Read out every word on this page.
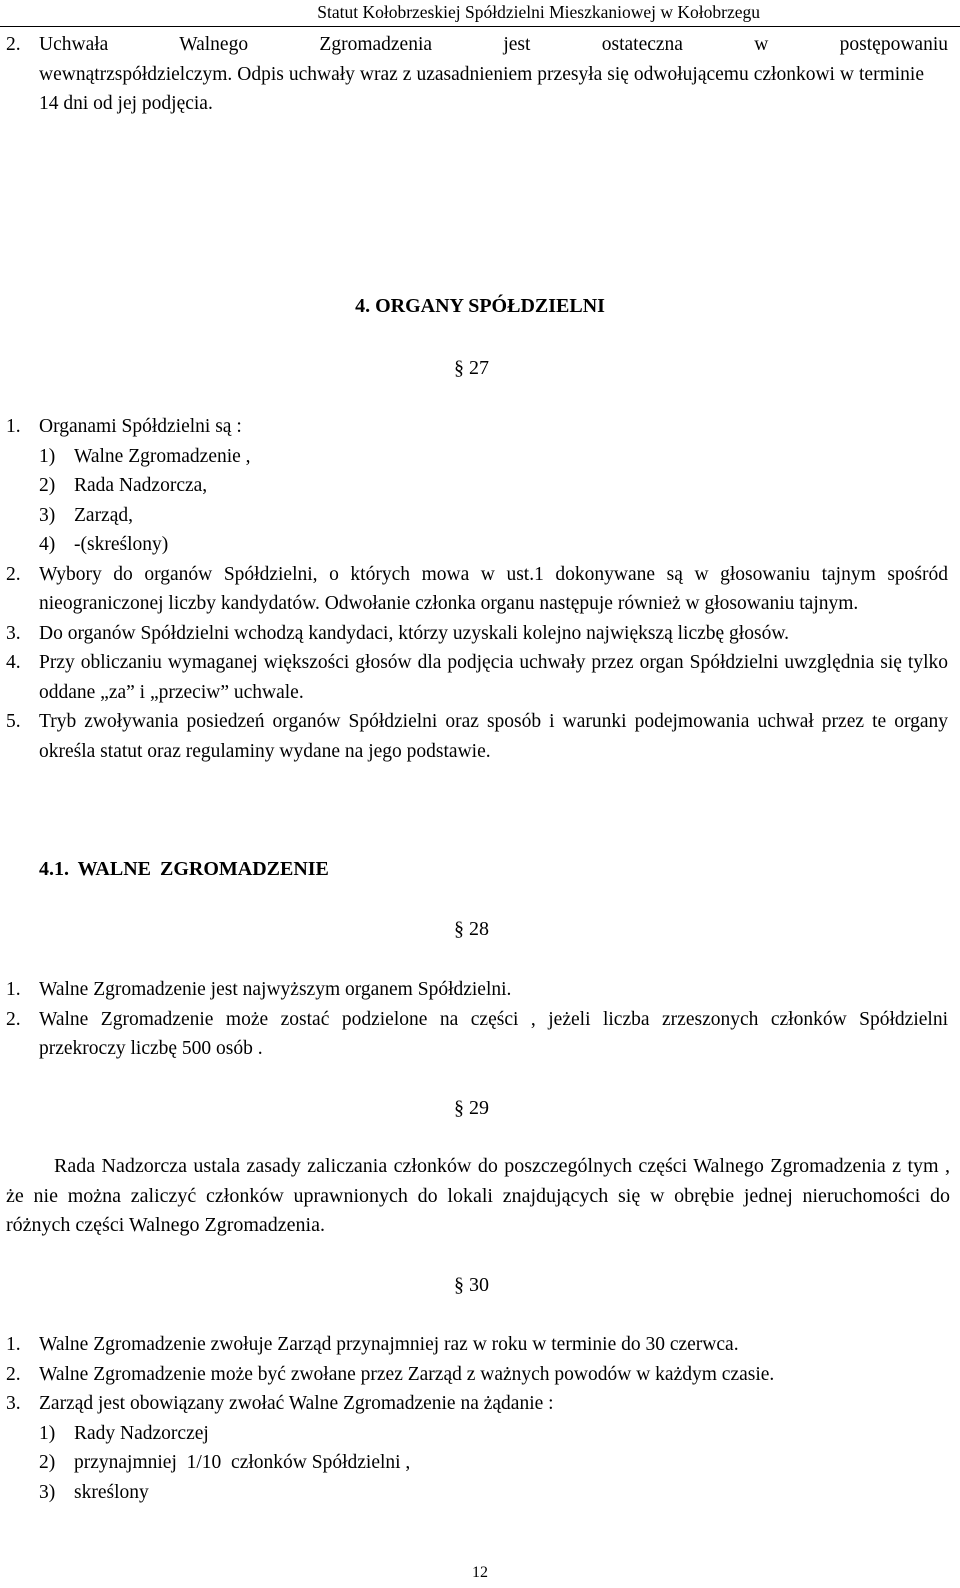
Statut Kołobrzeskiej Spółdzielni Mieszkaniowej w Kołobrzegu
2. Uchwała Walnego Zgromadzenia jest ostateczna w postępowaniu
wewnątrzspółdzielczym. Odpis uchwały wraz z uzasadnieniem przesyła się odwołującemu członkowi w terminie 14 dni od jej podjęcia.
4. ORGANY SPÓŁDZIELNI
§ 27
1. Organami Spółdzielni są :
1) Walne Zgromadzenie ,
2) Rada Nadzorcza,
3) Zarząd,
4) -(skreślony)
2. Wybory do organów Spółdzielni, o których mowa w ust.1 dokonywane są w głosowaniu tajnym spośród nieograniczonej liczby kandydatów. Odwołanie członka organu następuje również w głosowaniu tajnym.
3. Do organów Spółdzielni wchodzą kandydaci, którzy uzyskali kolejno największą liczbę głosów.
4. Przy obliczaniu wymaganej większości głosów dla podjęcia uchwały przez organ Spółdzielni uwzględnia się tylko oddane „za” i „przeciw” uchwale.
5. Tryb zwoływania posiedzeń organów Spółdzielni oraz sposób i warunki podejmowania uchwał przez te organy określa statut oraz regulaminy wydane na jego podstawie.
4.1. WALNE ZGROMADZENIE
§ 28
1. Walne Zgromadzenie jest najwyższym organem Spółdzielni.
2. Walne Zgromadzenie może zostać podzielone na części , jeżeli liczba zrzeszonych członków Spółdzielni przekroczy liczbę 500 osób .
§ 29
Rada Nadzorcza ustala zasady zaliczania członków do poszczególnych części Walnego Zgromadzenia z tym , że nie można zaliczyć członków uprawnionych do lokali znajdujących się w obrębie jednej nieruchomości do różnych części Walnego Zgromadzenia.
§ 30
1. Walne Zgromadzenie zwołuje Zarząd przynajmniej raz w roku w terminie do 30 czerwca.
2. Walne Zgromadzenie może być zwołane przez Zarząd z ważnych powodów w każdym czasie.
3. Zarząd jest obowiązany zwołać Walne Zgromadzenie na żądanie :
1) Rady Nadzorczej
2) przynajmniej  1/10  członków Spółdzielni ,
3) skreślony
12
